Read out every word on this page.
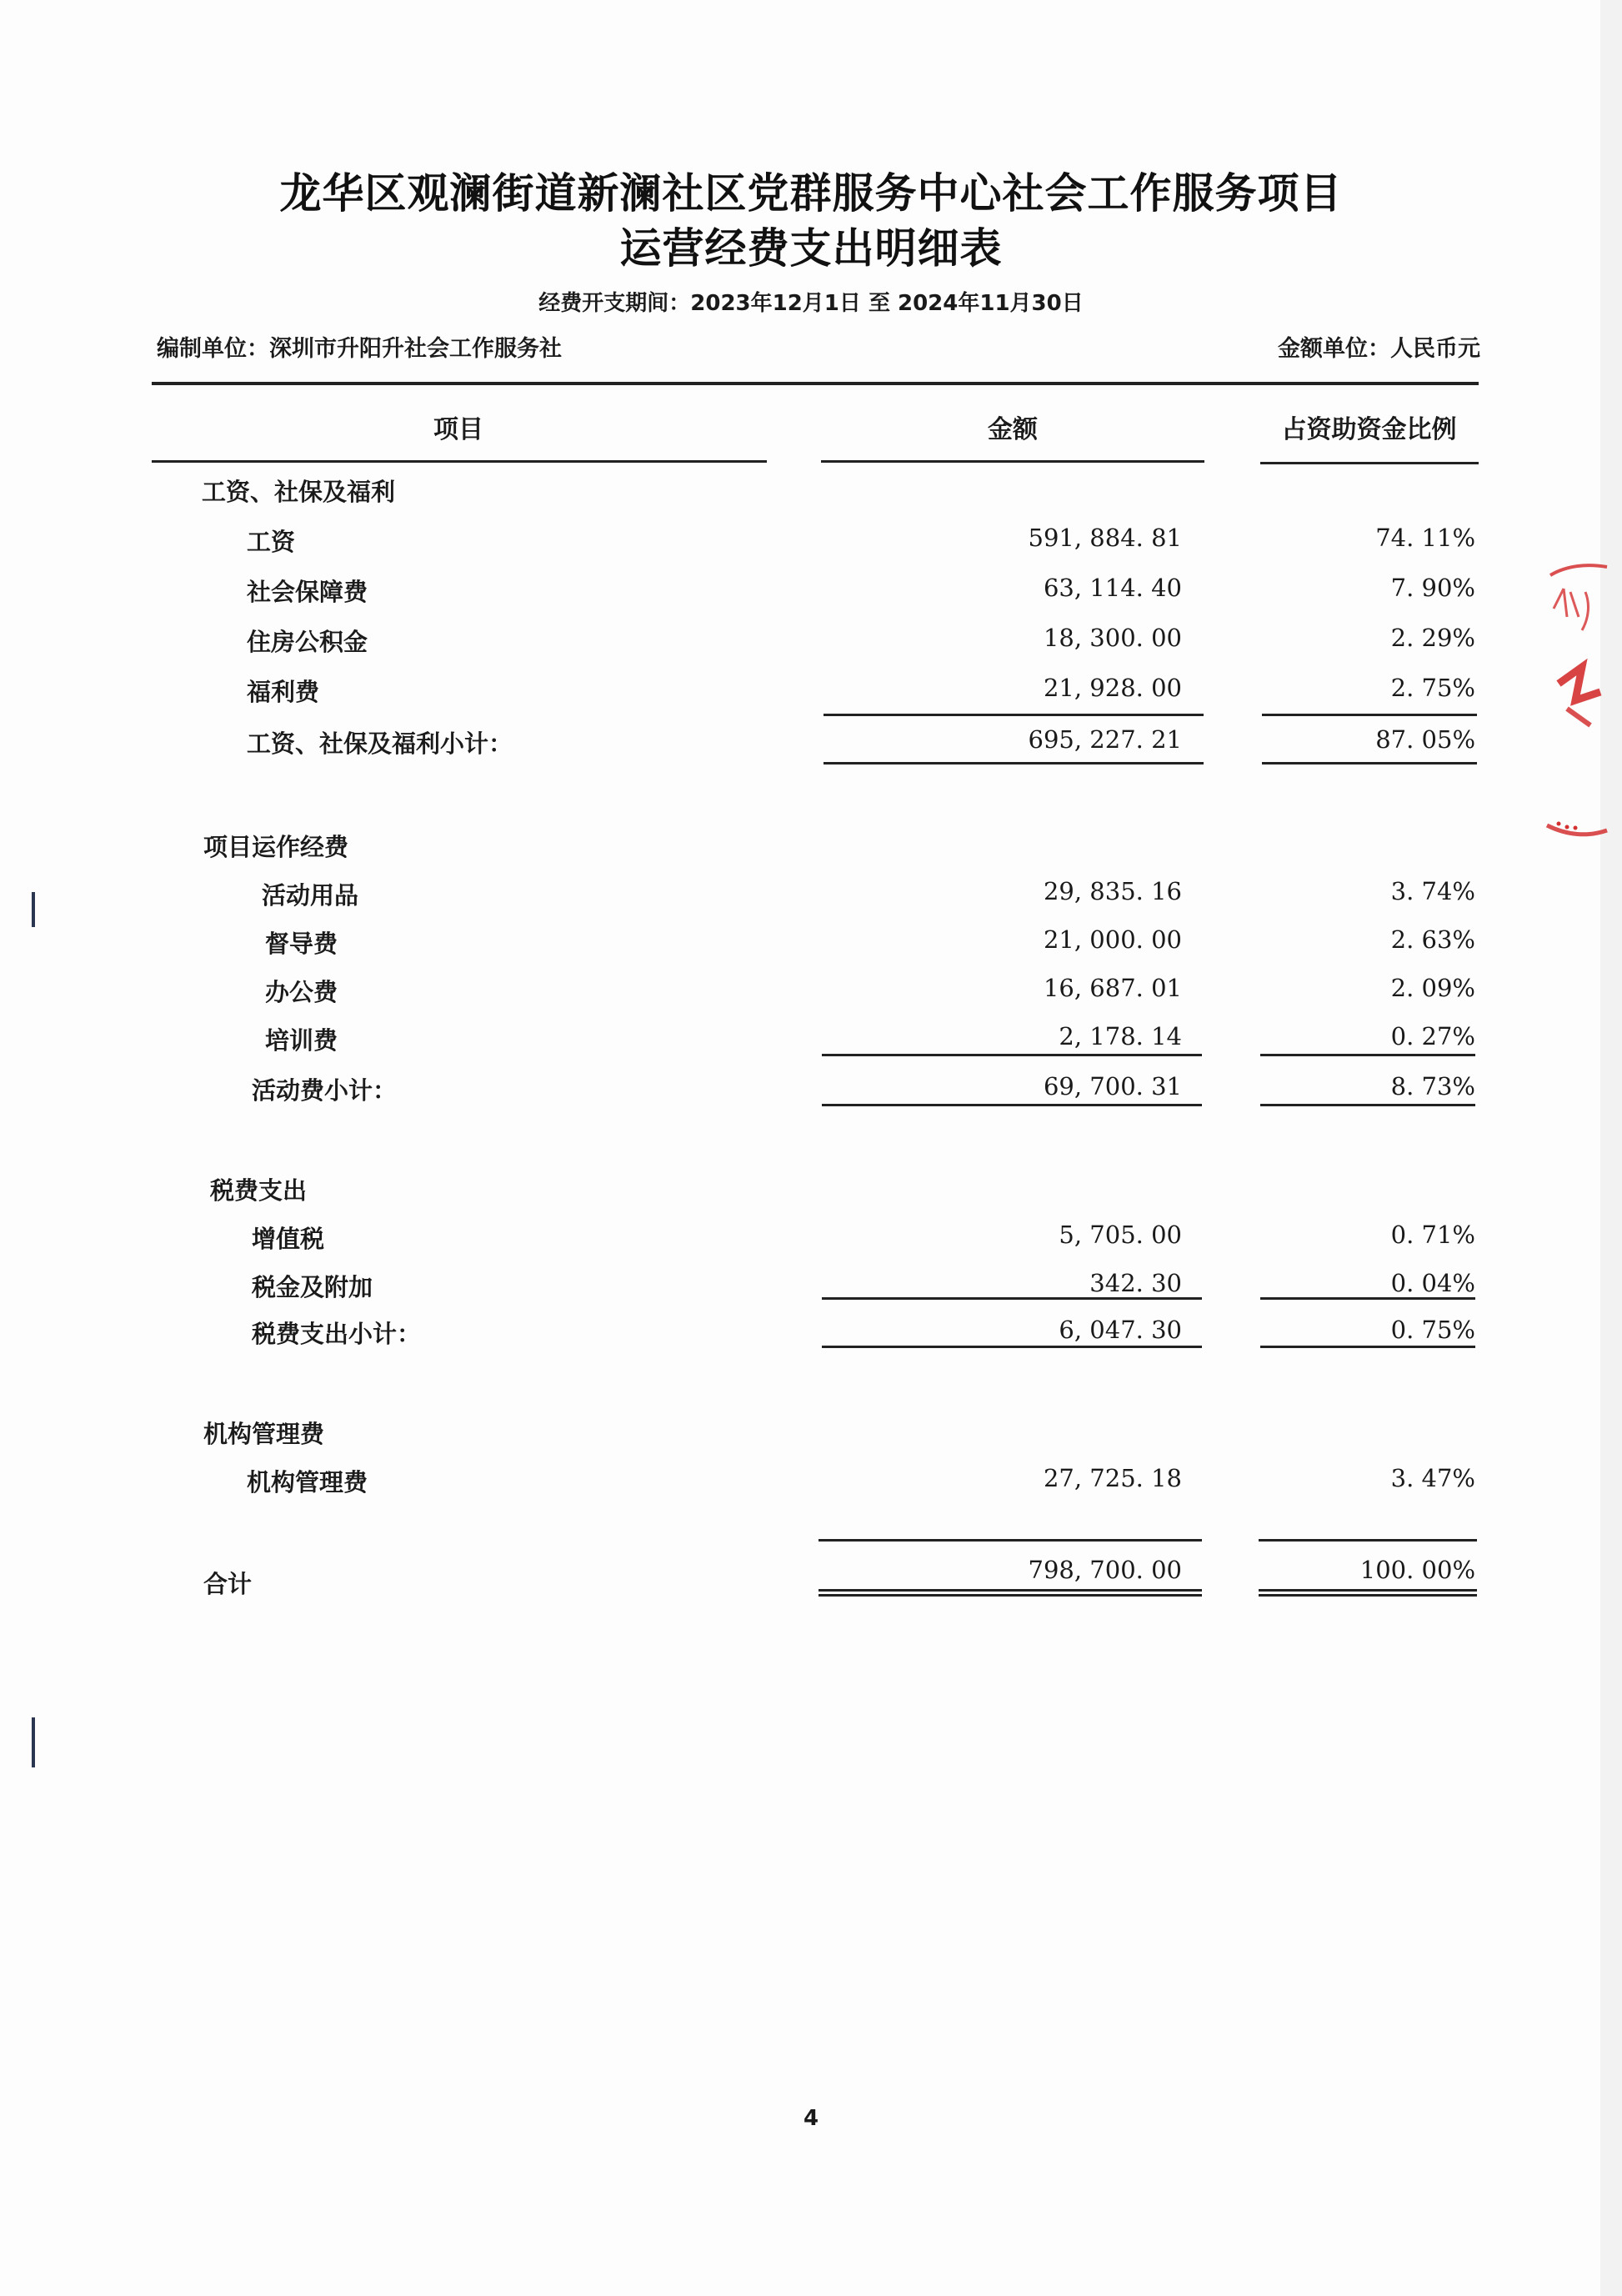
龙华区观澜街道新澜社区党群服务中心社会工作服务项目
运营经费支出明细表
经费开支期间：2023年12月1日 至 2024年11月30日
编制单位：深圳市升阳升社会工作服务社	金额单位：人民币元
项目	金额	占资助资金比例
工资、社保及福利
工资	591, 884. 81	74. 11%
社会保障费	63, 114. 40	7. 90%
住房公积金	18, 300. 00	2. 29%
福利费	21, 928. 00	2. 75%
工资、社保及福利小计：	695, 227. 21	87. 05%
项目运作经费
活动用品	29, 835. 16	3. 74%
督导费	21, 000. 00	2. 63%
办公费	16, 687. 01	2. 09%
培训费	2, 178. 14	0. 27%
活动费小计：	69, 700. 31	8. 73%
税费支出
增值税	5, 705. 00	0. 71%
税金及附加	342. 30	0. 04%
税费支出小计：	6, 047. 30	0. 75%
机构管理费
机构管理费	27, 725. 18	3. 47%
合计	798, 700. 00	100. 00%
4
